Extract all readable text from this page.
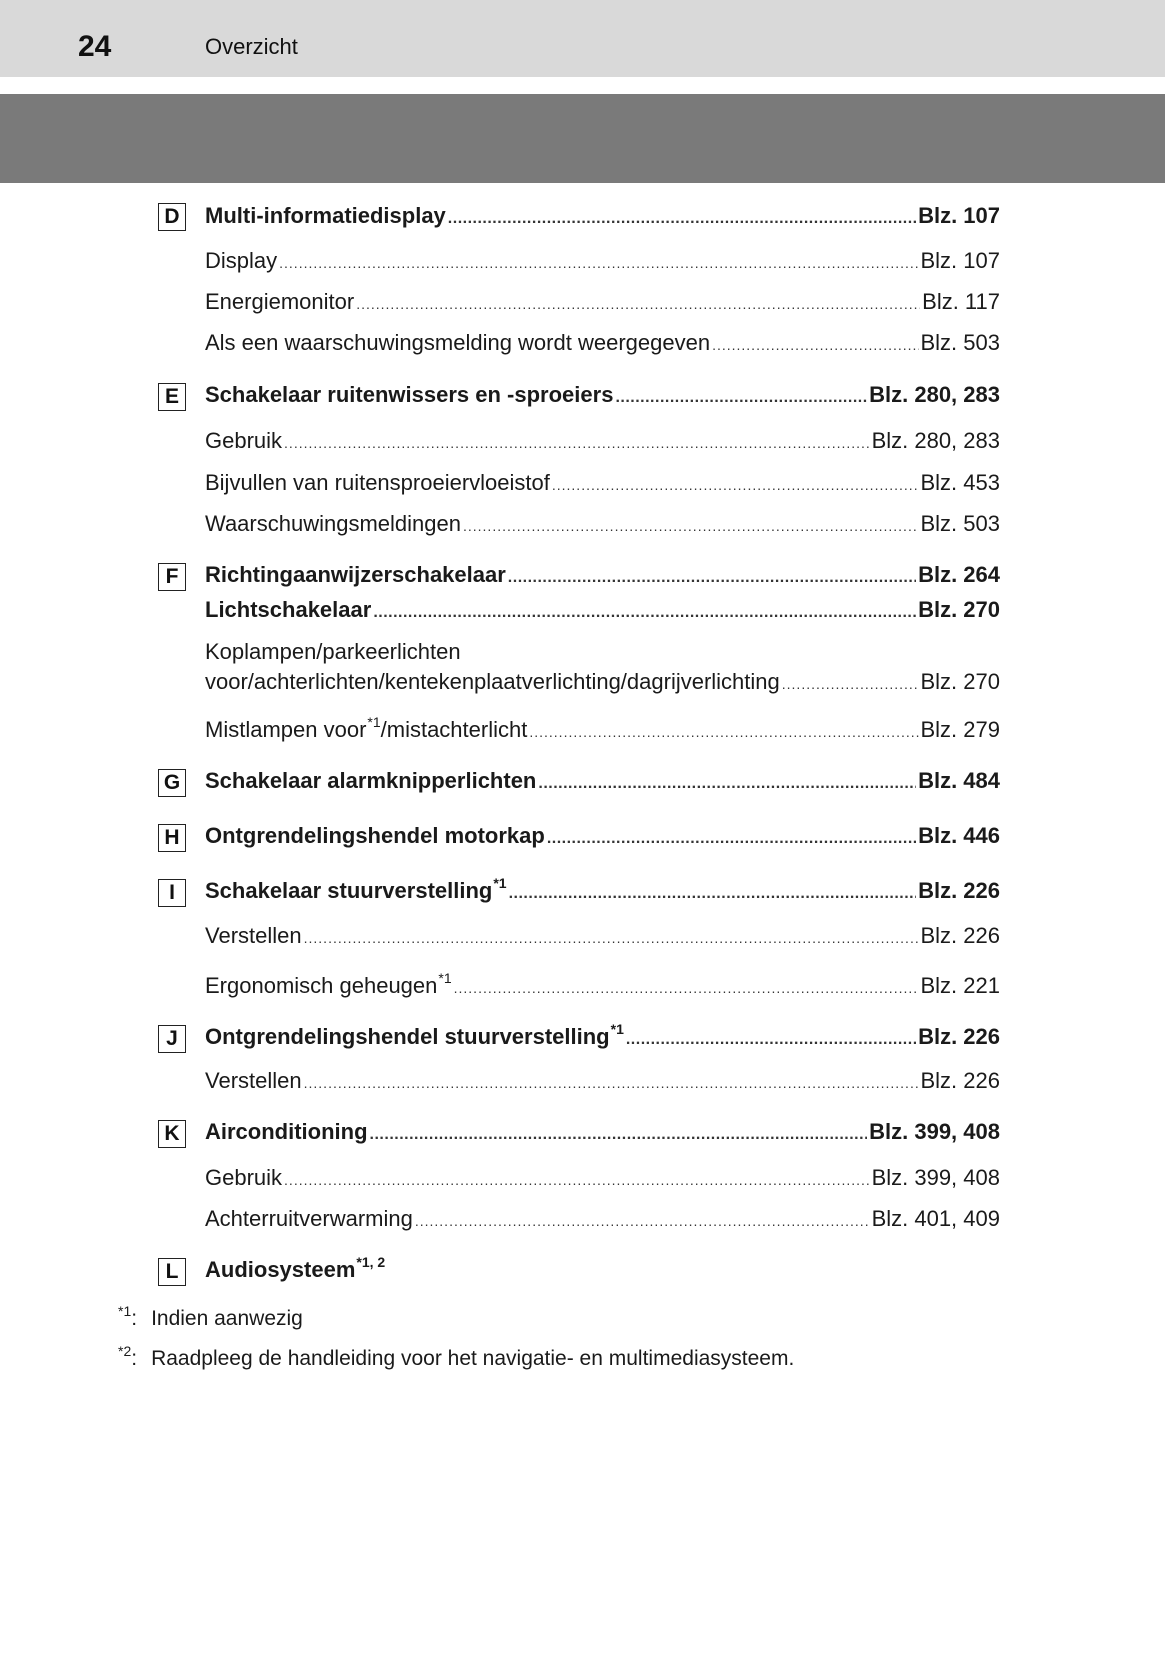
24	Overzicht
D Multi-informatiedisplay .....	Blz. 107
Display .....	Blz. 107
Energiemonitor .....	Blz. 117
Als een waarschuwingsmelding wordt weergegeven .....	Blz. 503
E	Schakelaar ruitenwissers en -sproeiers .....	Blz. 280, 283
Gebruik .....	Blz. 280, 283
Bijvullen van ruitensproeiervloeistof .....	Blz. 453
Waarschuwingsmeldingen .....	Blz. 503
F	Richtingaanwijzerschakelaar .....	Blz. 264
Lichtschakelaar .....	Blz. 270
Koplampen/parkeerlichten
voor/achterlichten/kentekenplaatverlichting/dagrijverlichting .....	Blz. 270
Mistlampen voor$^{*1}$/mistachterlicht .....	Blz. 279
G Schakelaar alarmknipperlichten .....	Blz. 484
H Ontgrendelingshendel motorkap .....	Blz. 446
I	Schakelaar stuurverstelling$^{*1}$ .....	Blz. 226
Verstellen .....	Blz. 226
Ergonomisch geheugen$^{*1}$ .....	Blz. 221
J	Ontgrendelingshendel stuurverstelling$^{*1}$ .....	Blz. 226
Verstellen .....	Blz. 226
K Airconditioning .....	Blz. 399, 408
Gebruik .....	Blz. 399, 408
Achterruitverwarming .....	Blz. 401, 409
L	Audiosysteem$^{*1, 2}$
$^{*1}$: Indien aanwezig
$^{*2}$: Raadpleeg de handleiding voor het navigatie- en multimediasysteem.
